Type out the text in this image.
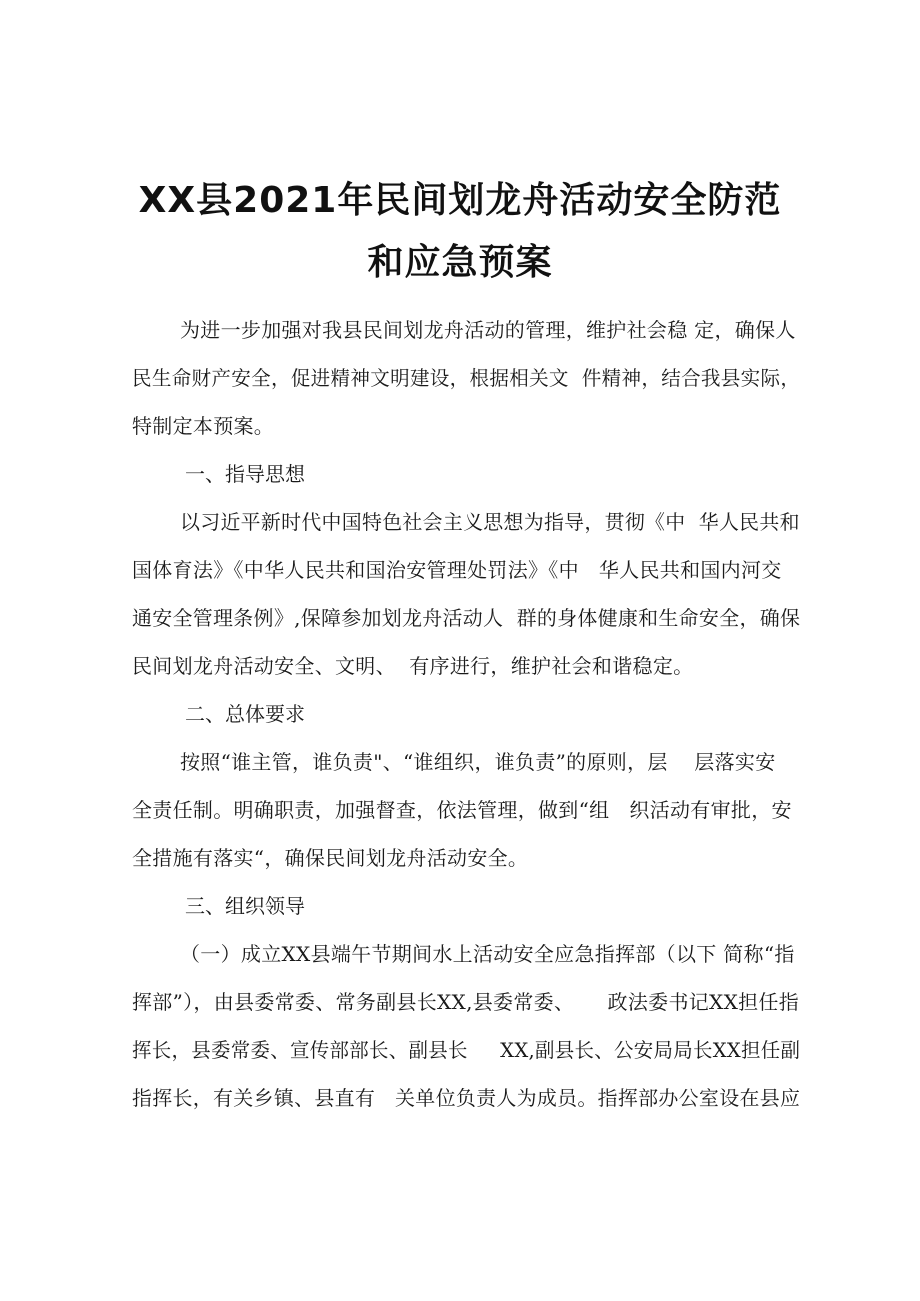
XX县2021年民间划龙舟活动安全防范
和应急预案
为进一步加强对我县民间划龙舟活动的管理，维护社会稳 定，确保人
民生命财产安全，促进精神文明建设，根据相关文  件精神，结合我县实际，
特制定本预案。
一、指导思想
以习近平新时代中国特色社会主义思想为指导，贯彻《中  华人民共和
国体育法》《中华人民共和国治安管理处罚法》《中   华人民共和国内河交
通安全管理条例》,保障参加划龙舟活动人  群的身体健康和生命安全，确保
民间划龙舟活动安全、文明、  有序进行，维护社会和谐稳定。
二、总体要求
按照“谁主管，谁负责"、“谁组织，谁负责”的原则，层    层落实安
全责任制。明确职责，加强督查，依法管理，做到“组   织活动有审批，安
全措施有落实“，确保民间划龙舟活动安全。
三、组织领导
（一）成立XX县端午节期间水上活动安全应急指挥部（以下 简称“指
挥部”），由县委常委、常务副县长XX,县委常委、     政法委书记XX担任指
挥长，县委常委、宣传部部长、副县长     XX,副县长、公安局局长XX担任副
指挥长，有关乡镇、县直有   关单位负责人为成员。指挥部办公室设在县应
